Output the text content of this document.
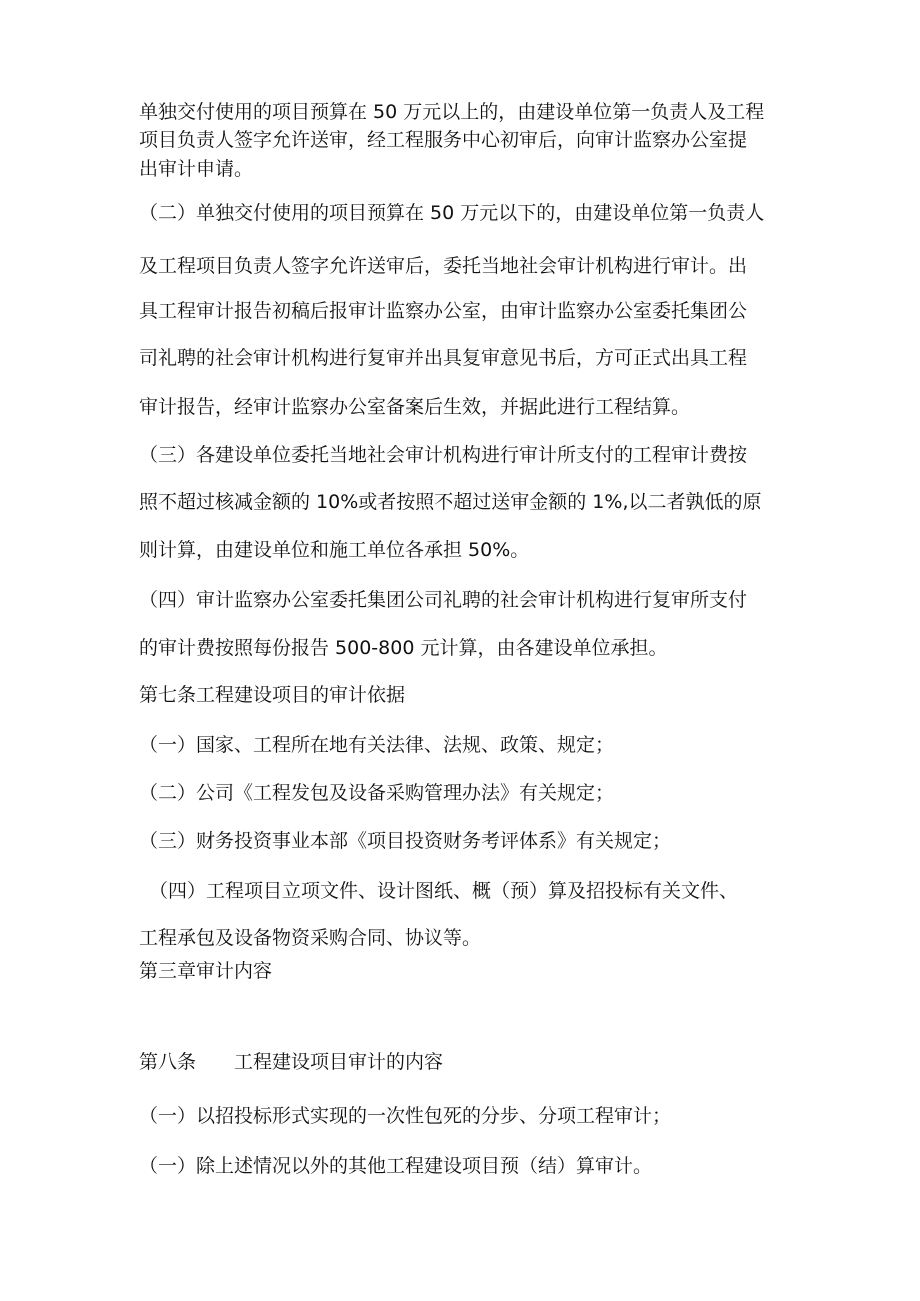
单独交付使用的项目预算在 50 万元以上的，由建设单位第一负责人及工程
项目负责人签字允许送审，经工程服务中心初审后，向审计监察办公室提
出审计申请。
（二）单独交付使用的项目预算在 50 万元以下的，由建设单位第一负责人
及工程项目负责人签字允许送审后，委托当地社会审计机构进行审计。出
具工程审计报告初稿后报审计监察办公室，由审计监察办公室委托集团公
司礼聘的社会审计机构进行复审并出具复审意见书后，方可正式出具工程
审计报告，经审计监察办公室备案后生效，并据此进行工程结算。
（三）各建设单位委托当地社会审计机构进行审计所支付的工程审计费按
照不超过核减金额的 10%或者按照不超过送审金额的 1%,以二者孰低的原
则计算，由建设单位和施工单位各承担 50%。
（四）审计监察办公室委托集团公司礼聘的社会审计机构进行复审所支付
的审计费按照每份报告 500-800 元计算，由各建设单位承担。
第七条工程建设项目的审计依据
（一）国家、工程所在地有关法律、法规、政策、规定；
（二）公司《工程发包及设备采购管理办法》有关规定；
（三）财务投资事业本部《项目投资财务考评体系》有关规定；
（四）工程项目立项文件、设计图纸、概（预）算及招投标有关文件、
工程承包及设备物资采购合同、协议等。
第三章审计内容
第八条　　工程建设项目审计的内容
（一）以招投标形式实现的一次性包死的分步、分项工程审计；
（一）除上述情况以外的其他工程建设项目预（结）算审计。
